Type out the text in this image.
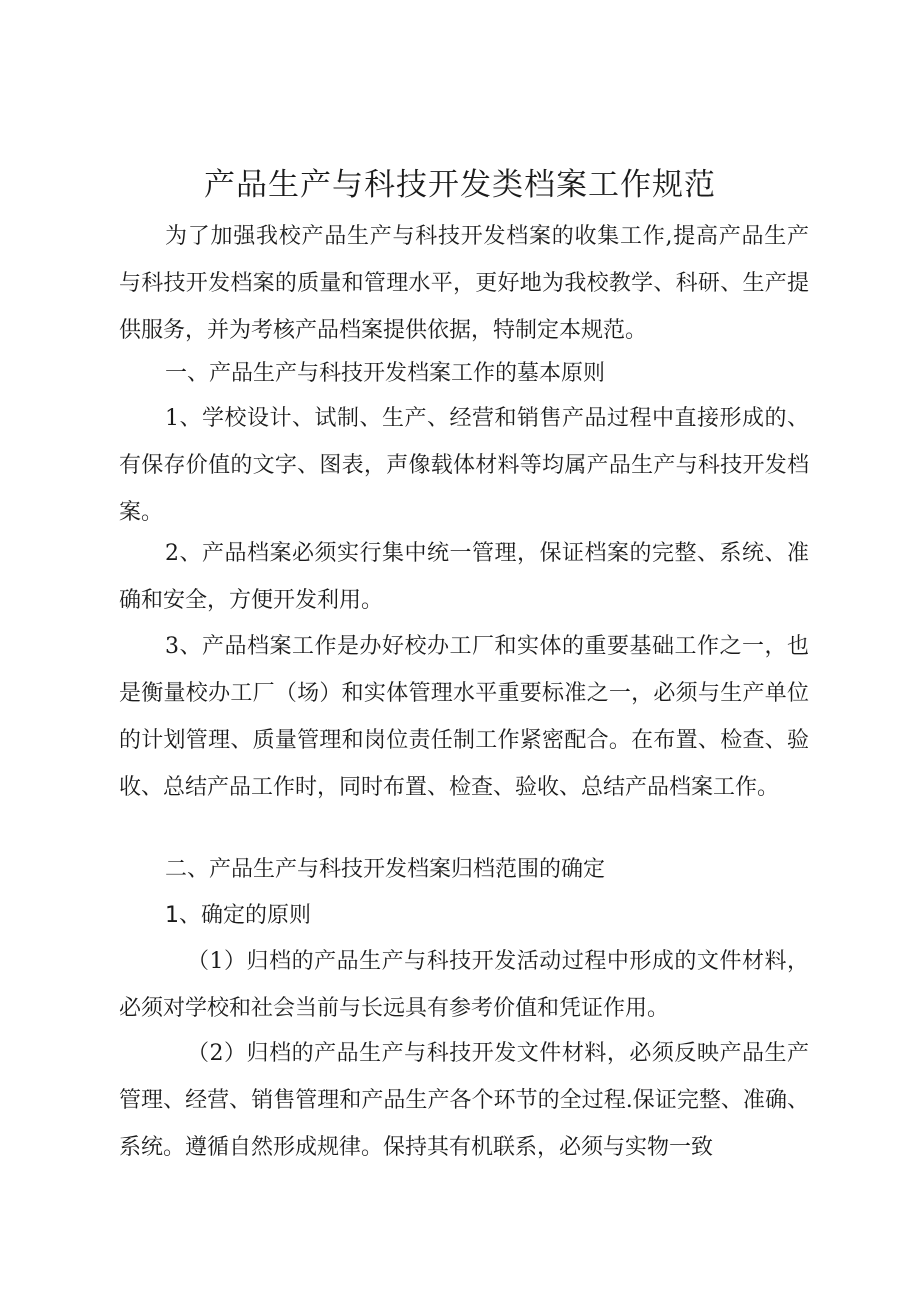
产品生产与科技开发类档案工作规范

为了加强我校产品生产与科技开发档案的收集工作,提高产品生产与科技开发档案的质量和管理水平，更好地为我校教学、科研、生产提供服务，并为考核产品档案提供依据，特制定本规范。

一、产品生产与科技开发档案工作的墓本原则

1、学校设计、试制、生产、经营和销售产品过程中直接形成的、有保存价值的文字、图表，声像载体材料等均属产品生产与科技开发档案。

2、产品档案必须实行集中统一管理，保证档案的完整、系统、准确和安全，方便开发利用。

3、产品档案工作是办好校办工厂和实体的重要基础工作之一，也是衡量校办工厂（场）和实体管理水平重要标准之一，必须与生产单位的计划管理、质量管理和岗位责任制工作紧密配合。在布置、检查、验收、总结产品工作时，同时布置、检查、验收、总结产品档案工作。

二、产品生产与科技开发档案归档范围的确定

1、确定的原则

（1）归档的产品生产与科技开发活动过程中形成的文件材料，必须对学校和社会当前与长远具有参考价值和凭证作用。

（2）归档的产品生产与科技开发文件材料，必须反映产品生产管理、经营、销售管理和产品生产各个环节的全过程.保证完整、准确、系统。遵循自然形成规律。保持其有机联系，必须与实物一致
